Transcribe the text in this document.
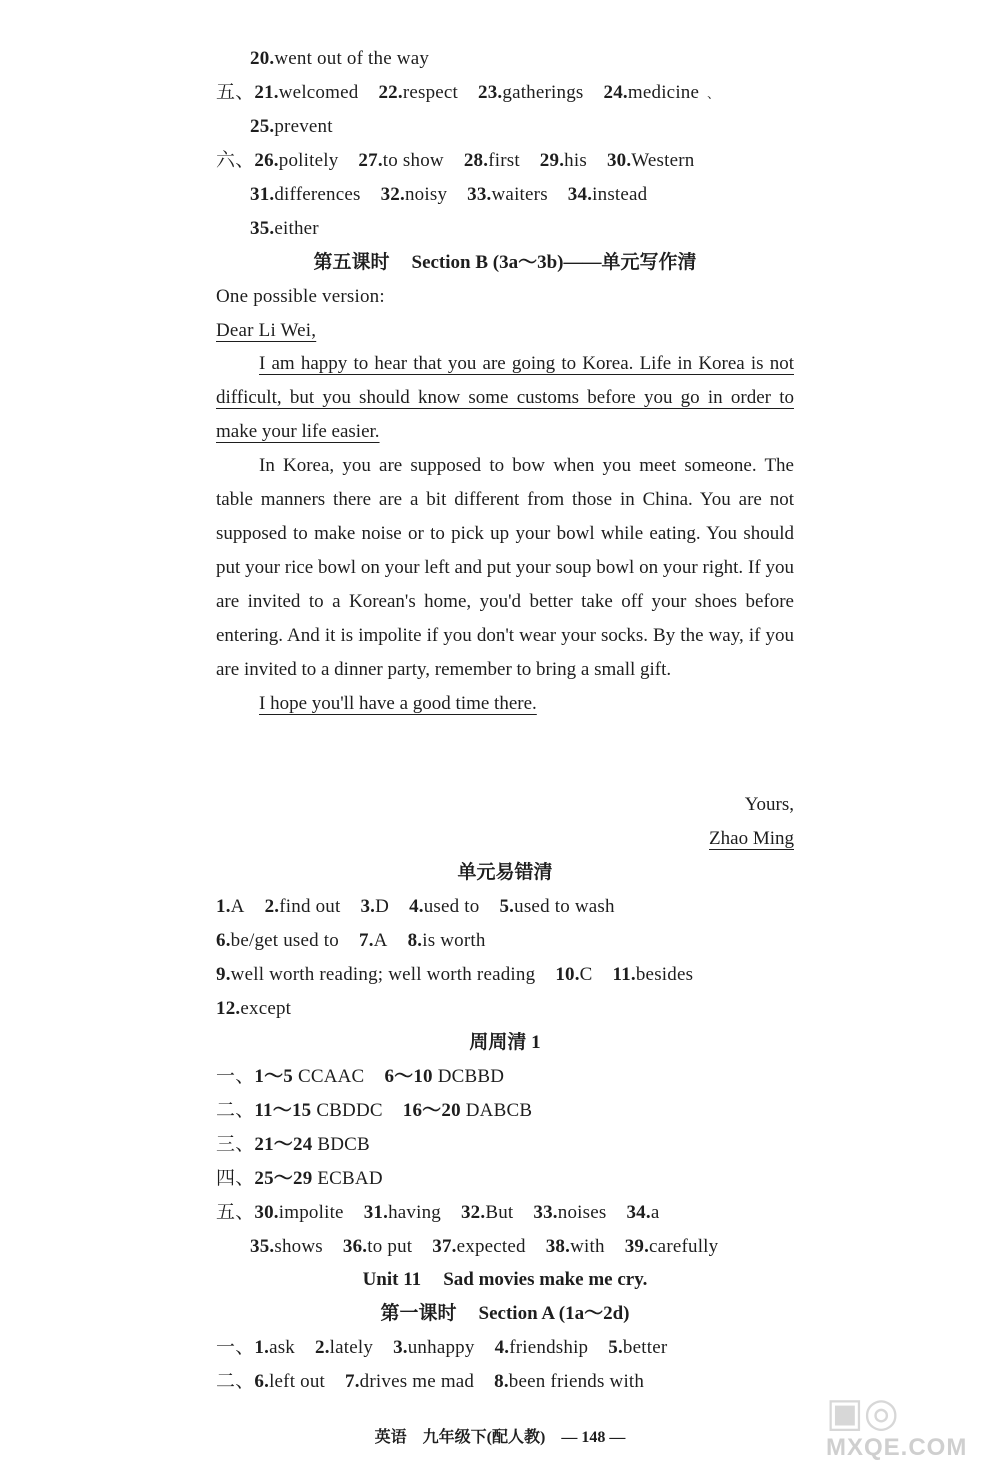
20.went out of the way
五、21.welcomed 22.respect 23.gatherings 24.medicine 、
25.prevent
六、26.politely 27.to show 28.first 29.his 30.Western
31.differences 32.noisy 33.waiters 34.instead
35.either
第五课时 Section B (3a～3b)——单元写作清
One possible version:
Dear Li Wei,

I am happy to hear that you are going to Korea. Life in Korea is not difficult, but you should know some customs before you go in order to make your life easier.

In Korea, you are supposed to bow when you meet someone. The table manners there are a bit different from those in China. You are not supposed to make noise or to pick up your bowl while eating. You should put your rice bowl on your left and put your soup bowl on your right. If you are invited to a Korean's home, you'd better take off your shoes before entering. And it is impolite if you don't wear your socks. By the way, if you are invited to a dinner party, remember to bring a small gift.

I hope you'll have a good time there.

Yours,
Zhao Ming
单元易错清
1.A 2.find out 3.D 4.used to 5.used to wash
6.be/get used to 7.A 8.is worth
9.well worth reading; well worth reading 10.C 11.besides
12.except
周周清 1
一、1～5 CCAAC 6～10 DCBBD
二、11～15 CBDDC 16～20 DABCB
三、21～24 BDCB
四、25～29 ECBAD
五、30.impolite 31.having 32.But 33.noises 34.a
35.shows 36.to put 37.expected 38.with 39.carefully
Unit 11 Sad movies make me cry.
第一课时 Section A (1a～2d)
一、1.ask 2.lately 3.unhappy 4.friendship 5.better
二、6.left out 7.drives me mad 8.been friends with
英语 九年级下(配人教) — 148 —
▣◎
MXQE.COM
